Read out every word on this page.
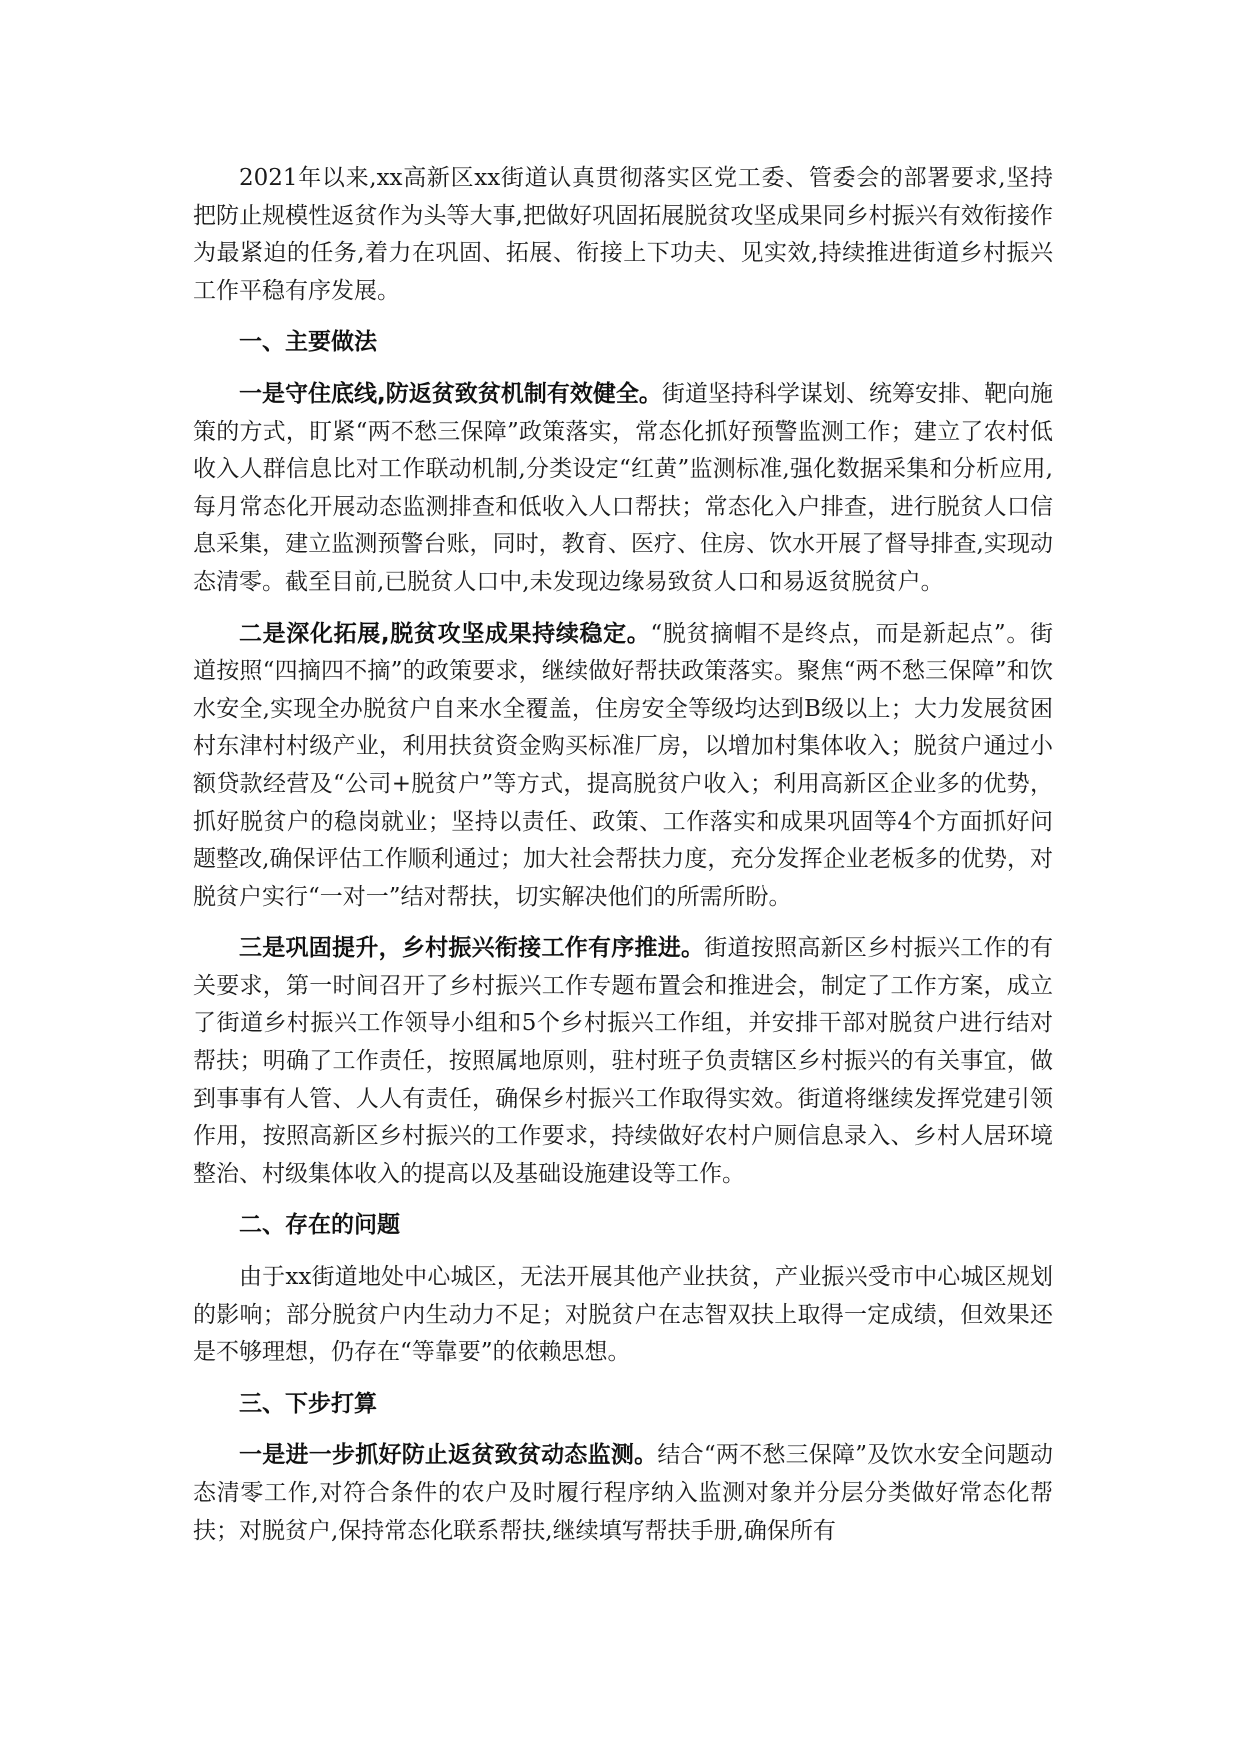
2021年以来,xx高新区xx街道认真贯彻落实区党工委、管委会的部署要求,坚持把防止规模性返贫作为头等大事,把做好巩固拓展脱贫攻坚成果同乡村振兴有效衔接作为最紧迫的任务,着力在巩固、拓展、衔接上下功夫、见实效,持续推进街道乡村振兴工作平稳有序发展。

一、主要做法

一是守住底线,防返贫致贫机制有效健全。街道坚持科学谋划、统筹安排、靶向施策的方式，盯紧“两不愁三保障”政策落实，常态化抓好预警监测工作；建立了农村低收入人群信息比对工作联动机制,分类设定“红黄”监测标准,强化数据采集和分析应用,每月常态化开展动态监测排查和低收入人口帮扶；常态化入户排查，进行脱贫人口信息采集，建立监测预警台账，同时，教育、医疗、住房、饮水开展了督导排查,实现动态清零。截至目前,已脱贫人口中,未发现边缘易致贫人口和易返贫脱贫户。

二是深化拓展,脱贫攻坚成果持续稳定。“脱贫摘帽不是终点，而是新起点”。街道按照“四摘四不摘”的政策要求，继续做好帮扶政策落实。聚焦“两不愁三保障”和饮水安全,实现全办脱贫户自来水全覆盖，住房安全等级均达到B级以上；大力发展贫困村东津村村级产业，利用扶贫资金购买标准厂房，以增加村集体收入；脱贫户通过小额贷款经营及“公司+脱贫户”等方式，提高脱贫户收入；利用高新区企业多的优势，抓好脱贫户的稳岗就业；坚持以责任、政策、工作落实和成果巩固等4个方面抓好问题整改,确保评估工作顺利通过；加大社会帮扶力度，充分发挥企业老板多的优势，对脱贫户实行“一对一”结对帮扶，切实解决他们的所需所盼。

三是巩固提升，乡村振兴衔接工作有序推进。街道按照高新区乡村振兴工作的有关要求，第一时间召开了乡村振兴工作专题布置会和推进会，制定了工作方案，成立了街道乡村振兴工作领导小组和5个乡村振兴工作组，并安排干部对脱贫户进行结对帮扶；明确了工作责任，按照属地原则，驻村班子负责辖区乡村振兴的有关事宜，做到事事有人管、人人有责任，确保乡村振兴工作取得实效。街道将继续发挥党建引领作用，按照高新区乡村振兴的工作要求，持续做好农村户厕信息录入、乡村人居环境整治、村级集体收入的提高以及基础设施建设等工作。

二、存在的问题

由于xx街道地处中心城区，无法开展其他产业扶贫，产业振兴受市中心城区规划的影响；部分脱贫户内生动力不足；对脱贫户在志智双扶上取得一定成绩，但效果还是不够理想，仍存在“等靠要”的依赖思想。

三、下步打算

一是进一步抓好防止返贫致贫动态监测。结合“两不愁三保障”及饮水安全问题动态清零工作,对符合条件的农户及时履行程序纳入监测对象并分层分类做好常态化帮扶；对脱贫户,保持常态化联系帮扶,继续填写帮扶手册,确保所有
